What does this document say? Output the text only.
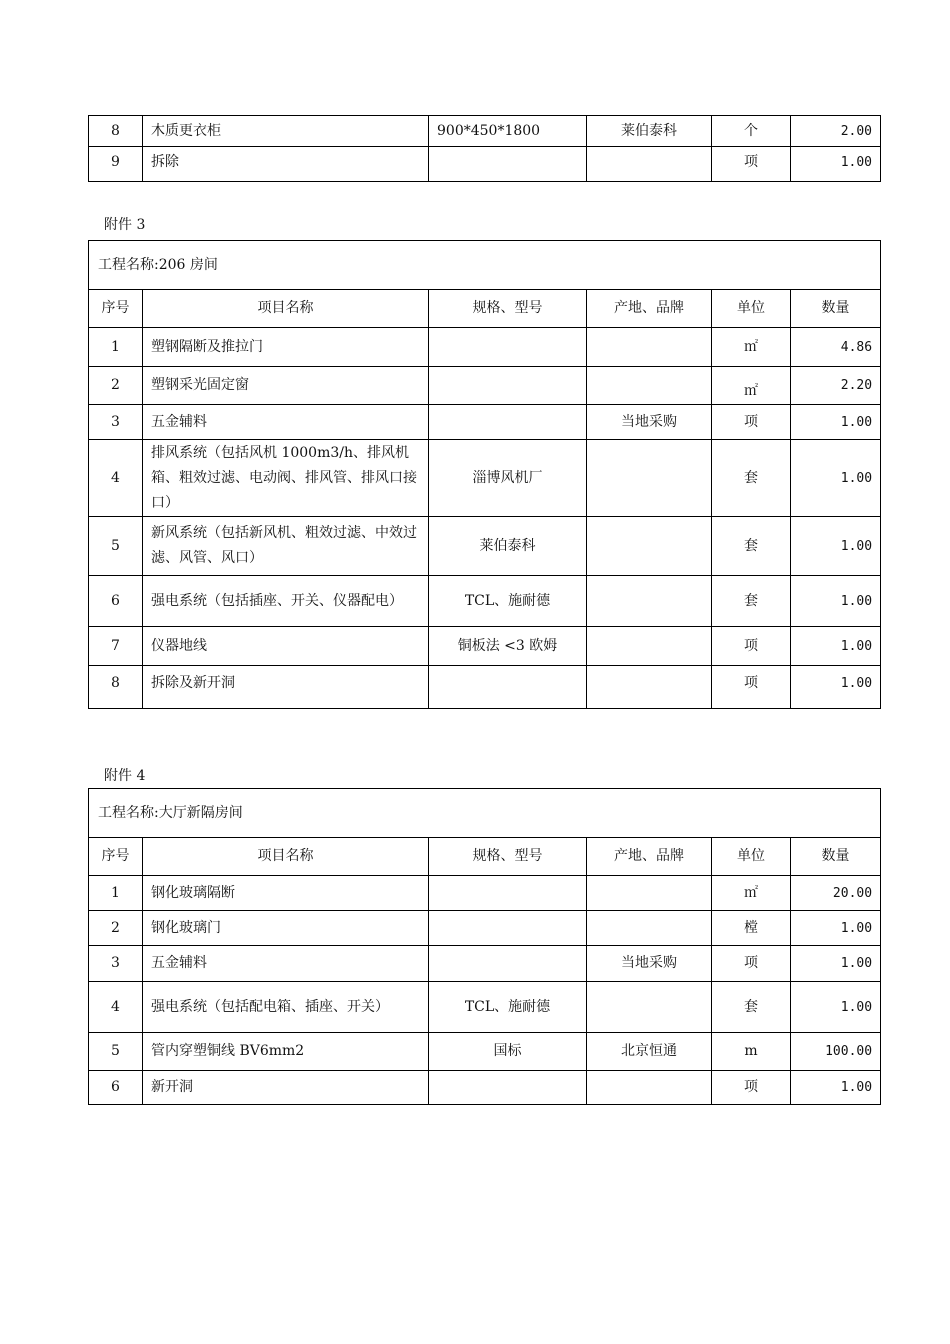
8	木质更衣柜	900*450*1800	莱伯泰科	个	2.00
9	拆除			项	1.00
附件 3
工程名称:206 房间					
序号	项目名称	规格、型号	产地、品牌	单位	数量
1	塑钢隔断及推拉门			㎡	4.86
2	塑钢采光固定窗			㎡	2.20
3	五金辅料		当地采购	项	1.00
4	排风系统（包括风机 1000m3/h、排风机箱、粗效过滤、电动阀、排风管、排风口接口）	淄博风机厂		套	1.00
5	新风系统（包括新风机、粗效过滤、中效过滤、风管、风口）	莱伯泰科		套	1.00
6	强电系统（包括插座、开关、仪器配电）	TCL、施耐德		套	1.00
7	仪器地线	铜板法 <3 欧姆		项	1.00
8	拆除及新开洞			项	1.00
附件 4
工程名称:大厅新隔房间					
序号	项目名称	规格、型号	产地、品牌	单位	数量
1	钢化玻璃隔断			㎡	20.00
2	钢化玻璃门			樘	1.00
3	五金辅料		当地采购	项	1.00
4	强电系统（包括配电箱、插座、开关）	TCL、施耐德		套	1.00
5	管内穿塑铜线 BV6mm2	国标	北京恒通	m	100.00
6	新开洞			项	1.00
